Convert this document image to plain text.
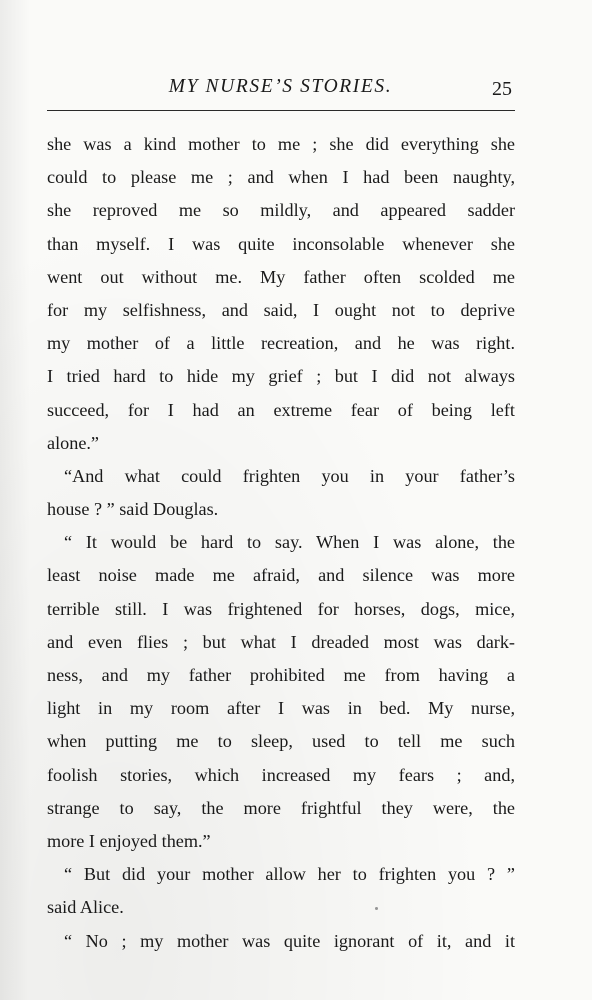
MY NURSE’S STORIES.	25
she was a kind mother to me ; she did everything she
could to please me ; and when I had been naughty,
she reproved me so mildly, and appeared sadder
than myself. I was quite inconsolable whenever she
went out without me. My father often scolded me
for my selfishness, and said, I ought not to deprive
my mother of a little recreation, and he was right.
I tried hard to hide my grief ; but I did not always
succeed, for I had an extreme fear of being left
alone.”
“And what could frighten you in your father’s
house ? ” said Douglas.
“ It would be hard to say. When I was alone, the
least noise made me afraid, and silence was more
terrible still. I was frightened for horses, dogs, mice,
and even flies ; but what I dreaded most was dark-
ness, and my father prohibited me from having a
light in my room after I was in bed. My nurse,
when putting me to sleep, used to tell me such
foolish stories, which increased my fears ; and,
strange to say, the more frightful they were, the
more I enjoyed them.”
“ But did your mother allow her to frighten you ? ”
said Alice.
“ No ; my mother was quite ignorant of it, and it
